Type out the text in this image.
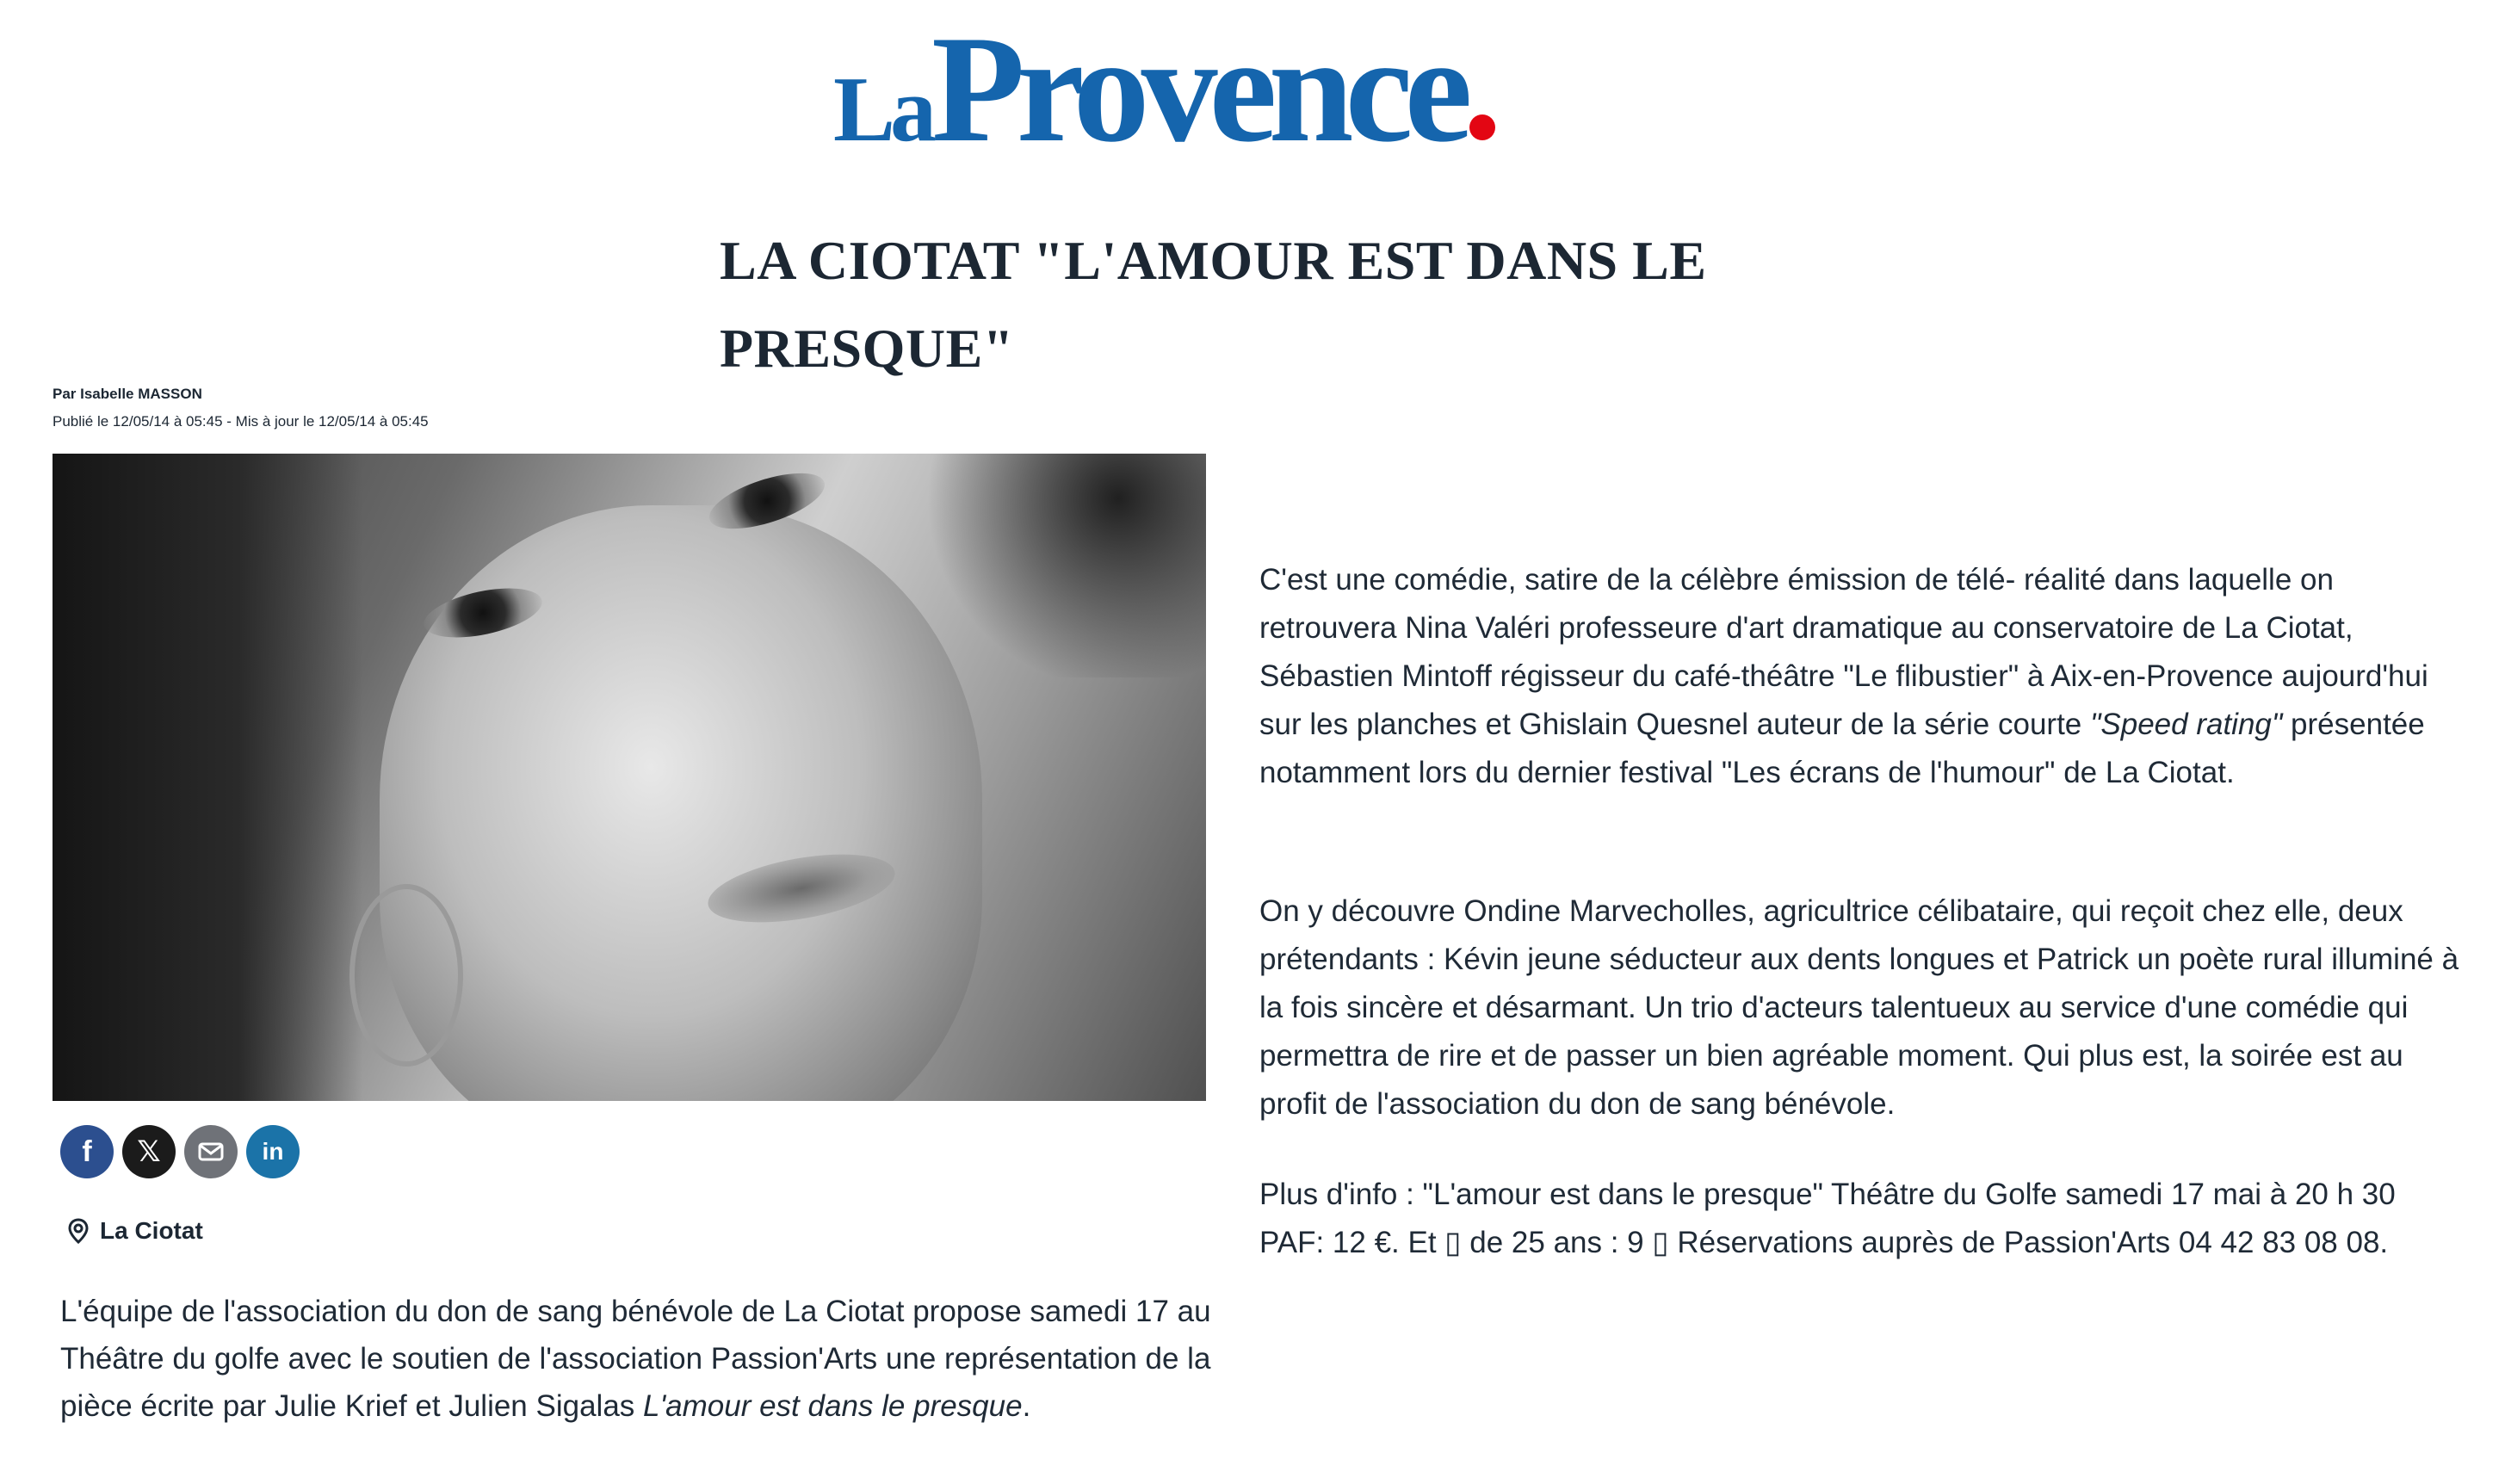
LaProvence
LA CIOTAT "L'AMOUR EST DANS LE PRESQUE"
Par Isabelle MASSON
Publié le 12/05/14 à 05:45 - Mis à jour le 12/05/14 à 05:45
f 𝕏	in
La Ciotat

L'équipe de l'association du don de sang bénévole de La Ciotat propose samedi 17 au Théâtre du golfe avec le soutien de l'association Passion'Arts une représentation de la pièce écrite par Julie Krief et Julien Sigalas L'amour est dans le presque.

C'est une comédie, satire de la célèbre émission de télé- réalité dans laquelle on retrouvera Nina Valéri professeure d'art dramatique au conservatoire de La Ciotat, Sébastien Mintoff régisseur du café-théâtre "Le flibustier" à Aix-en-Provence aujourd'hui sur les planches et Ghislain Quesnel auteur de la série courte "Speed rating" présentée notamment lors du dernier festival "Les écrans de l'humour" de La Ciotat.

On y découvre Ondine Marvecholles, agricultrice célibataire, qui reçoit chez elle, deux prétendants : Kévin jeune séducteur aux dents longues et Patrick un poète rural illuminé à la fois sincère et désarmant. Un trio d'acteurs talentueux au service d'une comédie qui permettra de rire et de passer un bien agréable moment. Qui plus est, la soirée est au profit de l'association du don de sang bénévole.

Plus d'info : "L'amour est dans le presque" Théâtre du Golfe samedi 17 mai à 20 h 30 PAF: 12 €. Et ▯ de 25 ans : 9 ▯ Réservations auprès de Passion'Arts 04 42 83 08 08.
